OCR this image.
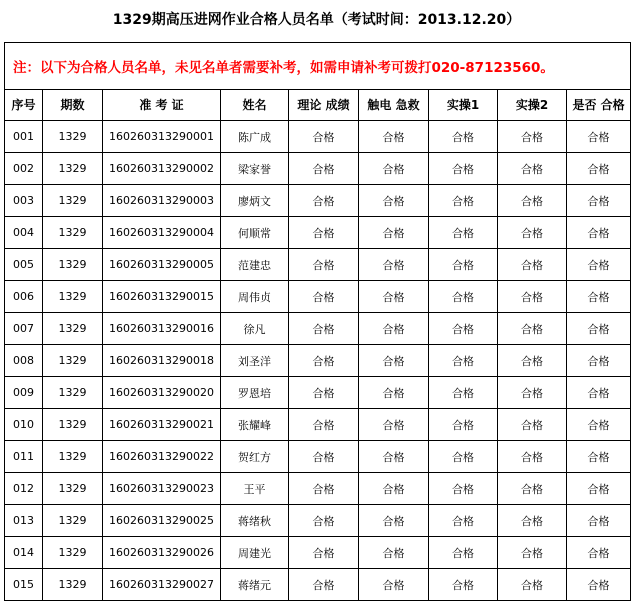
1329期高压进网作业合格人员名单（考试时间：2013.12.20）
注：以下为合格人员名单，未见名单者需要补考，如需申请补考可拨打020-87123560。								
序号	期数	准 考 证	姓名	理论 成绩	触电 急救	实操1	实操2	是否 合格
001	1329	160260313290001	陈广成	合格	合格	合格	合格	合格
002	1329	160260313290002	梁家誉	合格	合格	合格	合格	合格
003	1329	160260313290003	廖炳文	合格	合格	合格	合格	合格
004	1329	160260313290004	何顺常	合格	合格	合格	合格	合格
005	1329	160260313290005	范建忠	合格	合格	合格	合格	合格
006	1329	160260313290015	周伟贞	合格	合格	合格	合格	合格
007	1329	160260313290016	徐凡	合格	合格	合格	合格	合格
008	1329	160260313290018	刘圣洋	合格	合格	合格	合格	合格
009	1329	160260313290020	罗恩培	合格	合格	合格	合格	合格
010	1329	160260313290021	张耀峰	合格	合格	合格	合格	合格
011	1329	160260313290022	贺红方	合格	合格	合格	合格	合格
012	1329	160260313290023	王平	合格	合格	合格	合格	合格
013	1329	160260313290025	蒋绪秋	合格	合格	合格	合格	合格
014	1329	160260313290026	周建光	合格	合格	合格	合格	合格
015	1329	160260313290027	蒋绪元	合格	合格	合格	合格	合格
